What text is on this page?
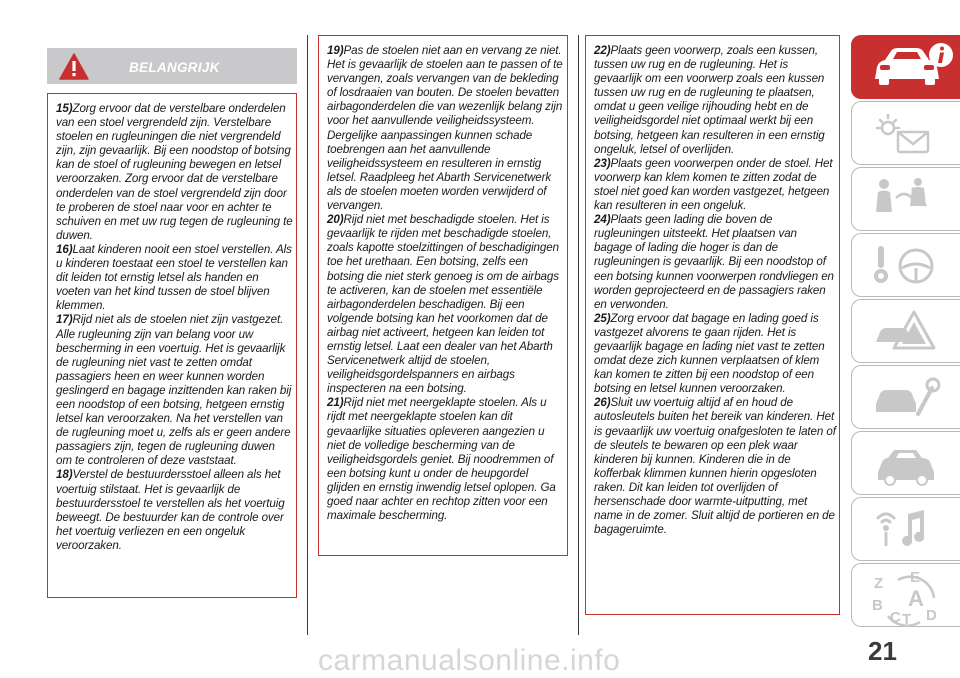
BELANGRIJK

15)Zorg ervoor dat de verstelbare onderdelen van een stoel vergrendeld zijn. Verstelbare stoelen en rugleuningen die niet vergrendeld zijn, zijn gevaarlijk. Bij een noodstop of botsing kan de stoel of rugleuning bewegen en letsel veroorzaken. Zorg ervoor dat de verstelbare onderdelen van de stoel vergrendeld zijn door te proberen de stoel naar voor en achter te schuiven en met uw rug tegen de rugleuning te duwen.

16)Laat kinderen nooit een stoel verstellen. Als u kinderen toestaat een stoel te verstellen kan dit leiden tot ernstig letsel als handen en voeten van het kind tussen de stoel blijven klemmen.

17)Rijd niet als de stoelen niet zijn vastgezet. Alle rugleuning zijn van belang voor uw bescherming in een voertuig. Het is gevaarlijk de rugleuning niet vast te zetten omdat passagiers heen en weer kunnen worden geslingerd en bagage inzittenden kan raken bij een noodstop of een botsing, hetgeen ernstig letsel kan veroorzaken. Na het verstellen van de rugleuning moet u, zelfs als er geen andere passagiers zijn, tegen de rugleuning duwen om te controleren of deze vaststaat.

18)Verstel de bestuurdersstoel alleen als het voertuig stilstaat. Het is gevaarlijk de bestuurdersstoel te verstellen als het voertuig beweegt. De bestuurder kan de controle over het voertuig verliezen en een ongeluk veroorzaken.

19)Pas de stoelen niet aan en vervang ze niet. Het is gevaarlijk de stoelen aan te passen of te vervangen, zoals vervangen van de bekleding of losdraaien van bouten. De stoelen bevatten airbagonderdelen die van wezenlijk belang zijn voor het aanvullende veiligheidssysteem. Dergelijke aanpassingen kunnen schade toebrengen aan het aanvullende veiligheidssysteem en resulteren in ernstig letsel. Raadpleeg het Abarth Servicenetwerk als de stoelen moeten worden verwijderd of vervangen.

20)Rijd niet met beschadigde stoelen. Het is gevaarlijk te rijden met beschadigde stoelen, zoals kapotte stoelzittingen of beschadigingen toe het urethaan. Een botsing, zelfs een botsing die niet sterk genoeg is om de airbags te activeren, kan de stoelen met essentiële airbagonderdelen beschadigen. Bij een volgende botsing kan het voorkomen dat de airbag niet activeert, hetgeen kan leiden tot ernstig letsel. Laat een dealer van het Abarth Servicenetwerk altijd de stoelen, veiligheidsgordelspanners en airbags inspecteren na een botsing.

21)Rijd niet met neergeklapte stoelen. Als u rijdt met neergeklapte stoelen kan dit gevaarlijke situaties opleveren aangezien u niet de volledige bescherming van de veiligheidsgordels geniet. Bij noodremmen of een botsing kunt u onder de heupgordel glijden en ernstig inwendig letsel oplopen. Ga goed naar achter en rechtop zitten voor een maximale bescherming.

22)Plaats geen voorwerp, zoals een kussen, tussen uw rug en de rugleuning. Het is gevaarlijk om een voorwerp zoals een kussen tussen uw rug en de rugleuning te plaatsen, omdat u geen veilige rijhouding hebt en de veiligheidsgordel niet optimaal werkt bij een botsing, hetgeen kan resulteren in een ernstig ongeluk, letsel of overlijden.

23)Plaats geen voorwerpen onder de stoel. Het voorwerp kan klem komen te zitten zodat de stoel niet goed kan worden vastgezet, hetgeen kan resulteren in een ongeluk.

24)Plaats geen lading die boven de rugleuningen uitsteekt. Het plaatsen van bagage of lading die hoger is dan de rugleuningen is gevaarlijk. Bij een noodstop of een botsing kunnen voorwerpen rondvliegen en worden geprojecteerd en de passagiers raken en verwonden.

25)Zorg ervoor dat bagage en lading goed is vastgezet alvorens te gaan rijden. Het is gevaarlijk bagage en lading niet vast te zetten omdat deze zich kunnen verplaatsen of klem kan komen te zitten bij een noodstop of een botsing en letsel kunnen veroorzaken.

26)Sluit uw voertuig altijd af en houd de autosleutels buiten het bereik van kinderen. Het is gevaarlijk uw voertuig onafgesloten te laten of de sleutels te bewaren op een plek waar kinderen bij kunnen. Kinderen die in de kofferbak klimmen kunnen hierin opgesloten raken. Dit kan leiden tot overlijden of hersenschade door warmte-uitputting, met name in de zomer. Sluit altijd de portieren en de bagageruimte.

Z E
B A
C T D
21
carmanualsonline.info
